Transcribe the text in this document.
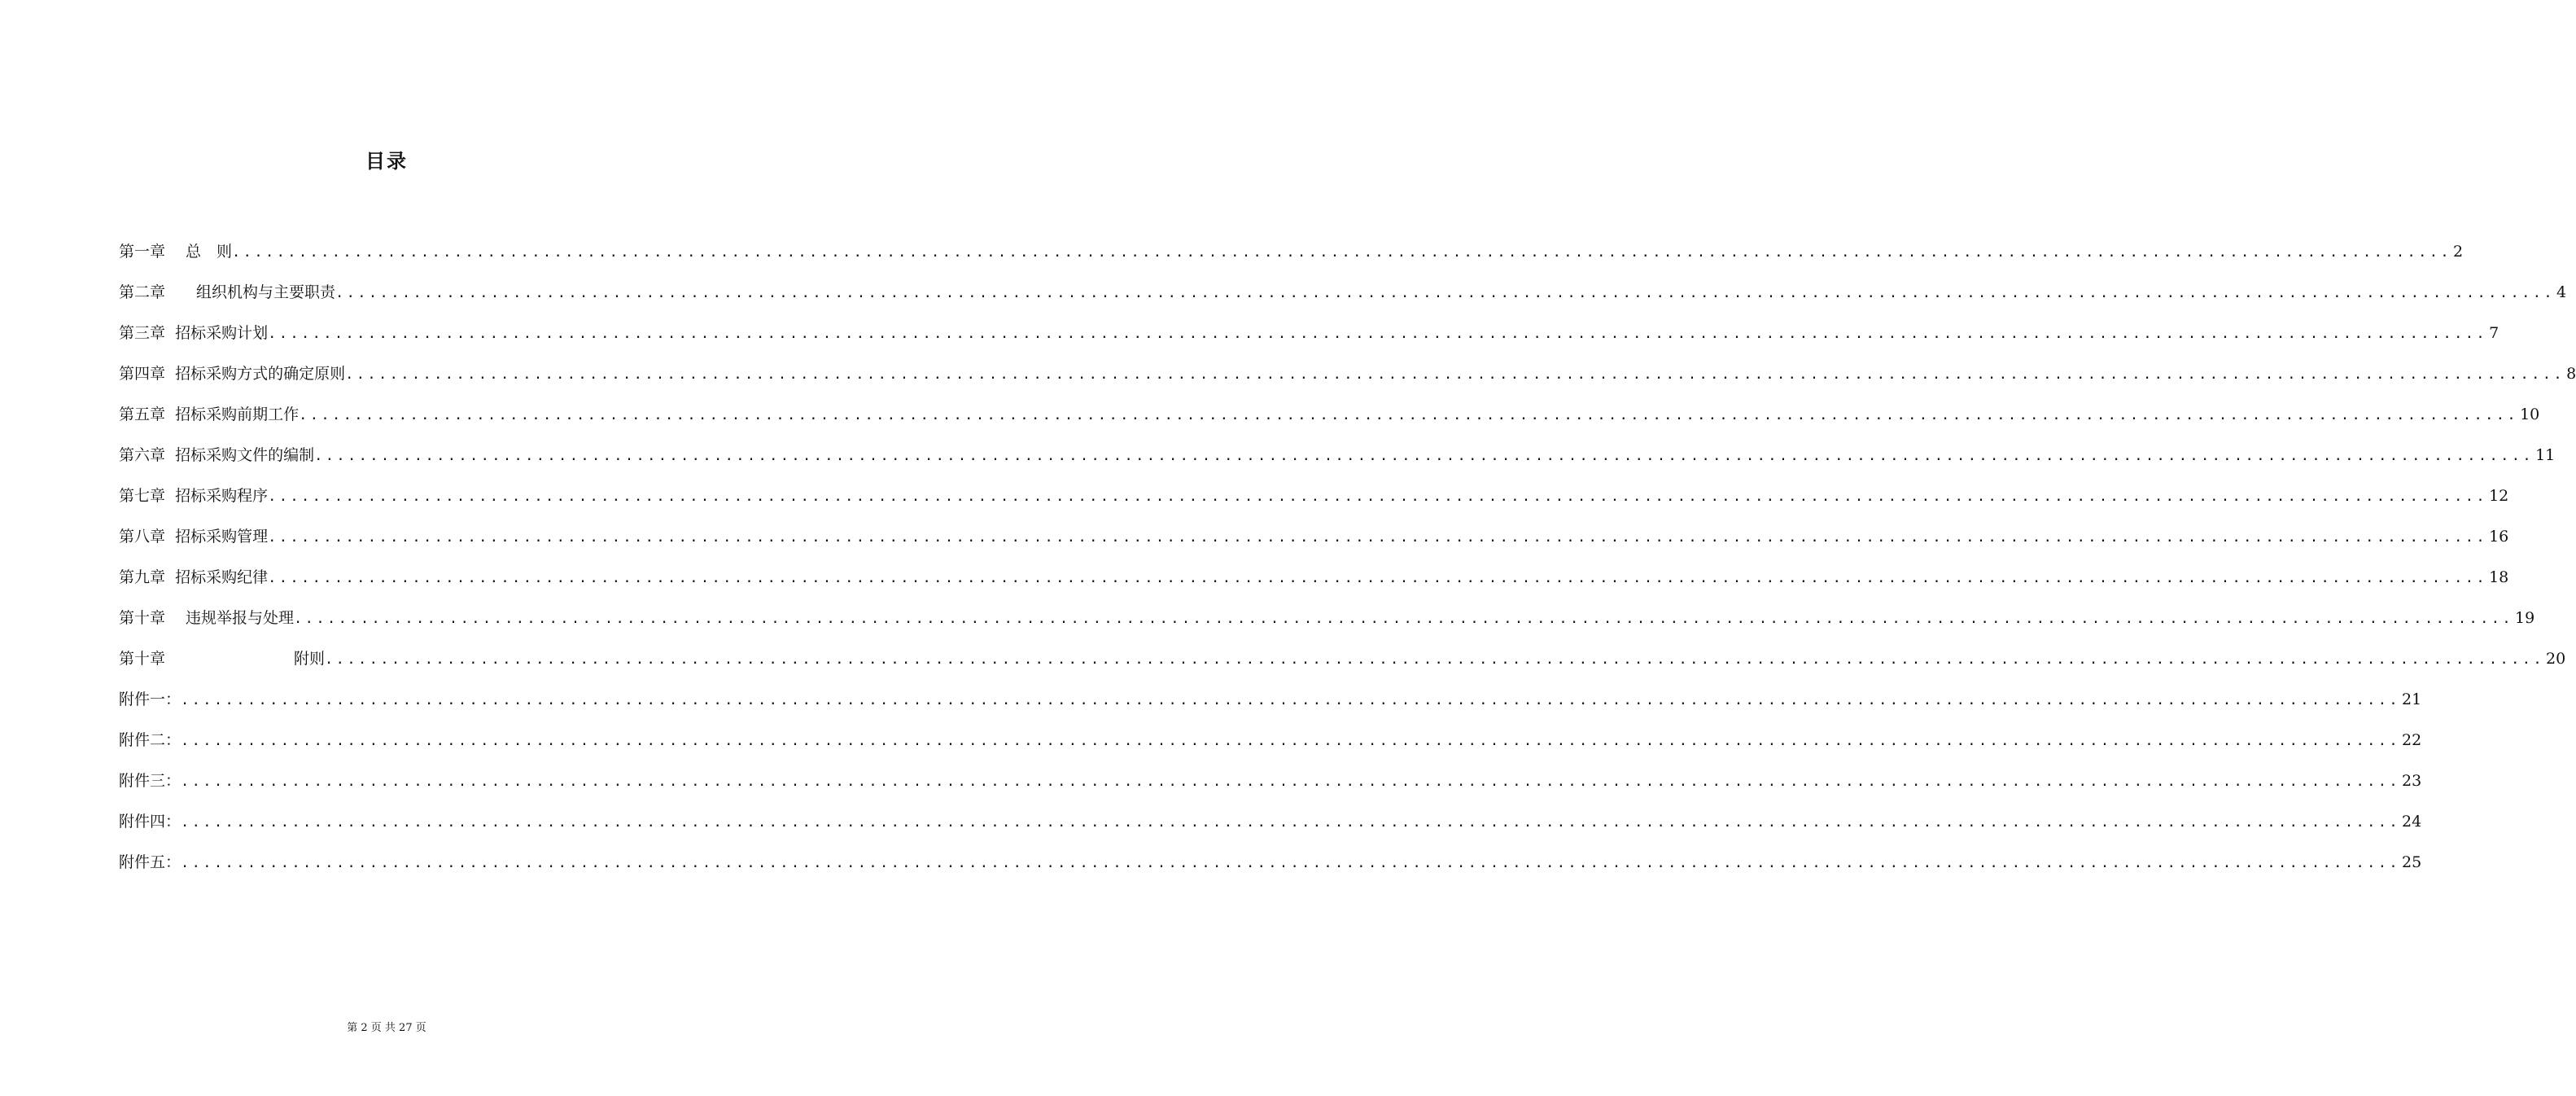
目录
第一章　 总　则 ........................................................................................................................................................................................................ 2
第二章　　组织机构与主要职责 ........................................................................................................................................................................................................ 4
第三章  招标采购计划 ........................................................................................................................................................................................................ 7
第四章  招标采购方式的确定原则 ........................................................................................................................................................................................................ 8
第五章  招标采购前期工作 ........................................................................................................................................................................................................ 10
第六章  招标采购文件的编制 ........................................................................................................................................................................................................ 11
第七章  招标采购程序 ........................................................................................................................................................................................................ 12
第八章  招标采购管理 ........................................................................................................................................................................................................ 16
第九章  招标采购纪律 ........................................................................................................................................................................................................ 18
第十章 　违规举报与处理 ........................................................................................................................................................................................................ 19
第十章 　　　　　　　　附则 ........................................................................................................................................................................................................ 20
附件一： ........................................................................................................................................................................................................ 21
附件二： ........................................................................................................................................................................................................ 22
附件三： ........................................................................................................................................................................................................ 23
附件四： ........................................................................................................................................................................................................ 24
附件五： ........................................................................................................................................................................................................ 25
第 2 页 共 27 页
